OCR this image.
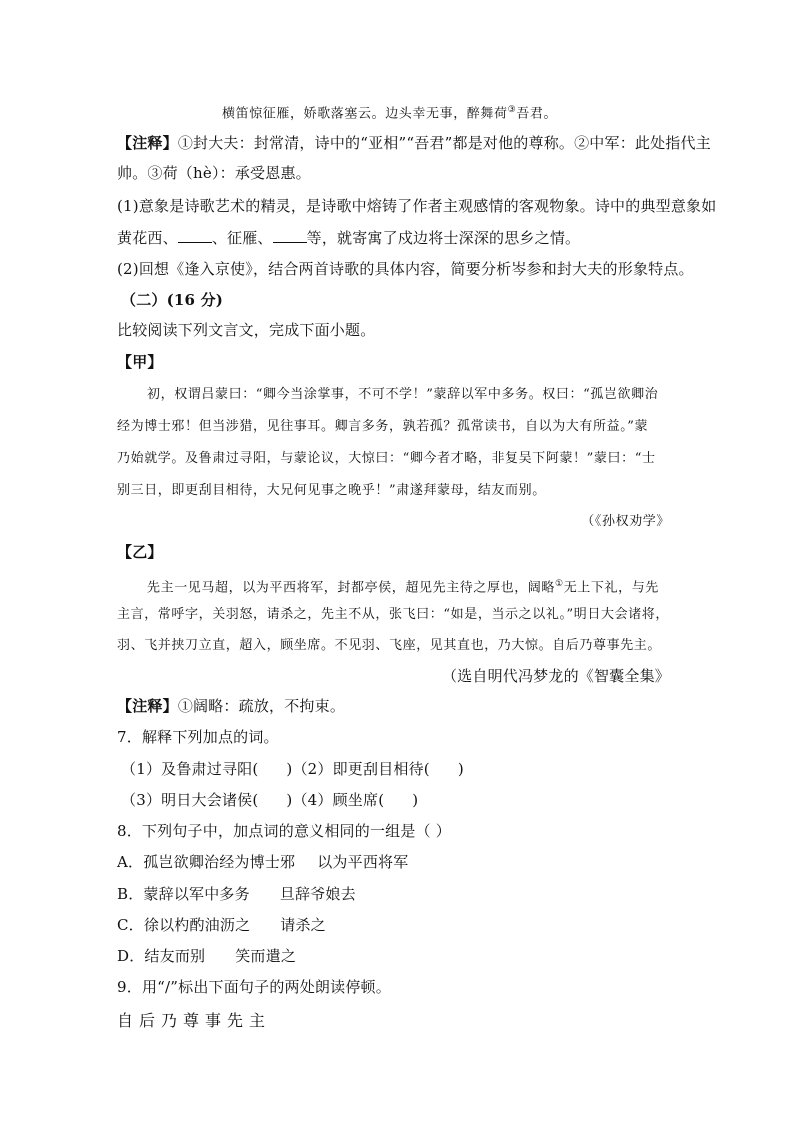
横笛惊征雁，娇歌落塞云。边头幸无事，醉舞荷③吾君。
【注释】①封大夫：封常清，诗中的“亚相”“吾君”都是对他的尊称。②中军：此处指代主
帅。③荷（hè）：承受恩惠。
(1)意象是诗歌艺术的精灵，是诗歌中熔铸了作者主观感情的客观物象。诗中的典型意象如
黄花西、 、征雁、 等，就寄寓了戍边将士深深的思乡之情。
(2)回想《逢入京使》，结合两首诗歌的具体内容，简要分析岑参和封大夫的形象特点。
（二）(16 分)
比较阅读下列文言文，完成下面小题。
【甲】
初，权谓吕蒙曰：“卿今当涂掌事，不可不学！”蒙辞以军中多务。权曰：“孤岂欲卿治
经为博士邪！但当涉猎，见往事耳。卿言多务，孰若孤？孤常读书，自以为大有所益。”蒙
乃始就学。及鲁肃过寻阳，与蒙论议，大惊曰：“卿今者才略，非复吴下阿蒙！”蒙曰：“士
别三日，即更刮目相待，大兄何见事之晚乎！”肃遂拜蒙母，结友而别。
（《孙权劝学》
【乙】
先主一见马超，以为平西将军，封都亭侯，超见先主待之厚也，阔略①无上下礼，与先
主言，常呼字，关羽怒，请杀之，先主不从，张飞曰：“如是，当示之以礼。”明日大会诸将，
羽、飞并挟刀立直，超入，顾坐席。不见羽、飞座，见其直也，乃大惊。自后乃尊事先主。
（选自明代冯梦龙的《智囊全集》
【注释】①阔略：疏放，不拘束。
7．解释下列加点的词。
（1）及鲁肃过寻阳( )（2）即更刮目相待( )
（3）明日大会诸侯( )（4）顾坐席( )
8．下列句子中，加点词的意义相同的一组是（ ）
A．孤岂欲卿治经为博士邪 以为平西将军
B．蒙辞以军中多务 旦辞爷娘去
C．徐以杓酌油沥之 请杀之
D．结友而别 笑而遣之
9．用“/”标出下面句子的两处朗读停顿。
自后乃尊事先主
